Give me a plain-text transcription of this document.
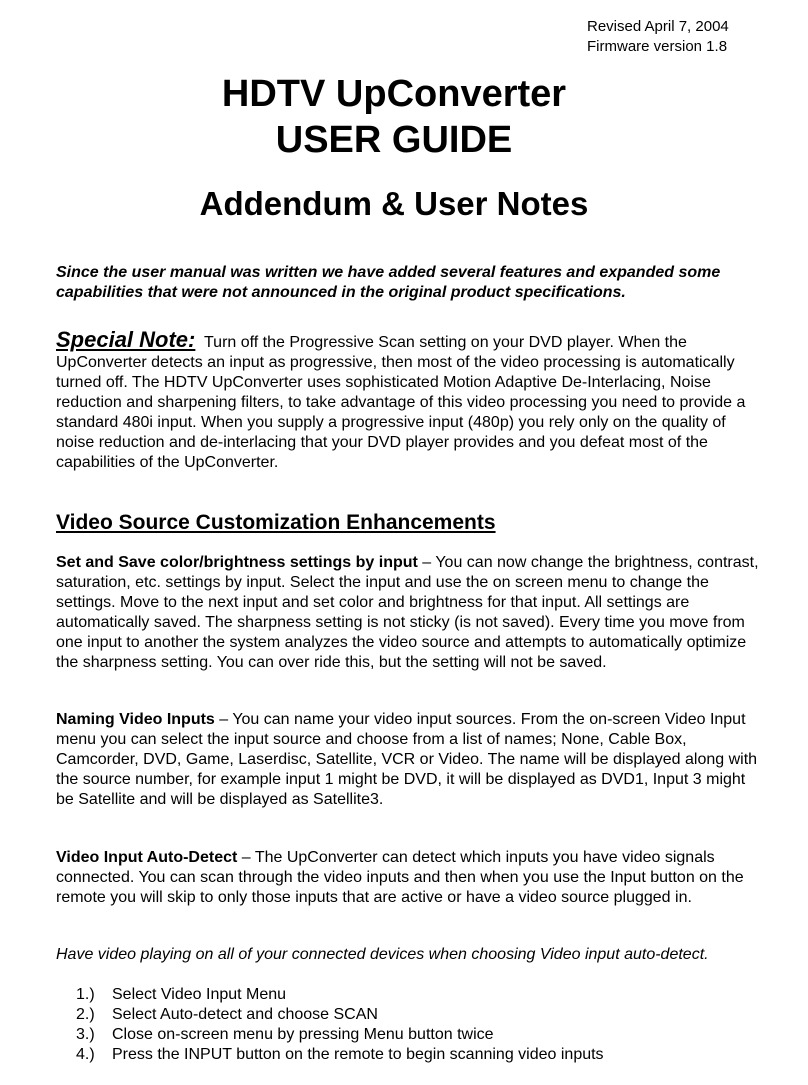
Revised April 7, 2004
Firmware version 1.8
HDTV UpConverter
USER GUIDE
Addendum & User Notes

Since the user manual was written we have added several features and expanded some capabilities that were not announced in the original product specifications.

Special Note: Turn off the Progressive Scan setting on your DVD player. When the UpConverter detects an input as progressive, then most of the video processing is automatically turned off. The HDTV UpConverter uses sophisticated Motion Adaptive De-Interlacing, Noise reduction and sharpening filters, to take advantage of this video processing you need to provide a standard 480i input. When you supply a progressive input (480p) you rely only on the quality of noise reduction and de-interlacing that your DVD player provides and you defeat most of the capabilities of the UpConverter.

Video Source Customization Enhancements

Set and Save color/brightness settings by input – You can now change the brightness, contrast, saturation, etc. settings by input. Select the input and use the on screen menu to change the settings. Move to the next input and set color and brightness for that input. All settings are automatically saved. The sharpness setting is not sticky (is not saved). Every time you move from one input to another the system analyzes the video source and attempts to automatically optimize the sharpness setting. You can over ride this, but the setting will not be saved.

Naming Video Inputs – You can name your video input sources. From the on-screen Video Input menu you can select the input source and choose from a list of names; None, Cable Box, Camcorder, DVD, Game, Laserdisc, Satellite, VCR or Video. The name will be displayed along with the source number, for example input 1 might be DVD, it will be displayed as DVD1, Input 3 might be Satellite and will be displayed as Satellite3.

Video Input Auto-Detect – The UpConverter can detect which inputs you have video signals connected. You can scan through the video inputs and then when you use the Input button on the remote you will skip to only those inputs that are active or have a video source plugged in.

Have video playing on all of your connected devices when choosing Video input auto-detect.

1.) Select Video Input Menu
2.) Select Auto-detect and choose SCAN
3.) Close on-screen menu by pressing Menu button twice
4.) Press the INPUT button on the remote to begin scanning video inputs
